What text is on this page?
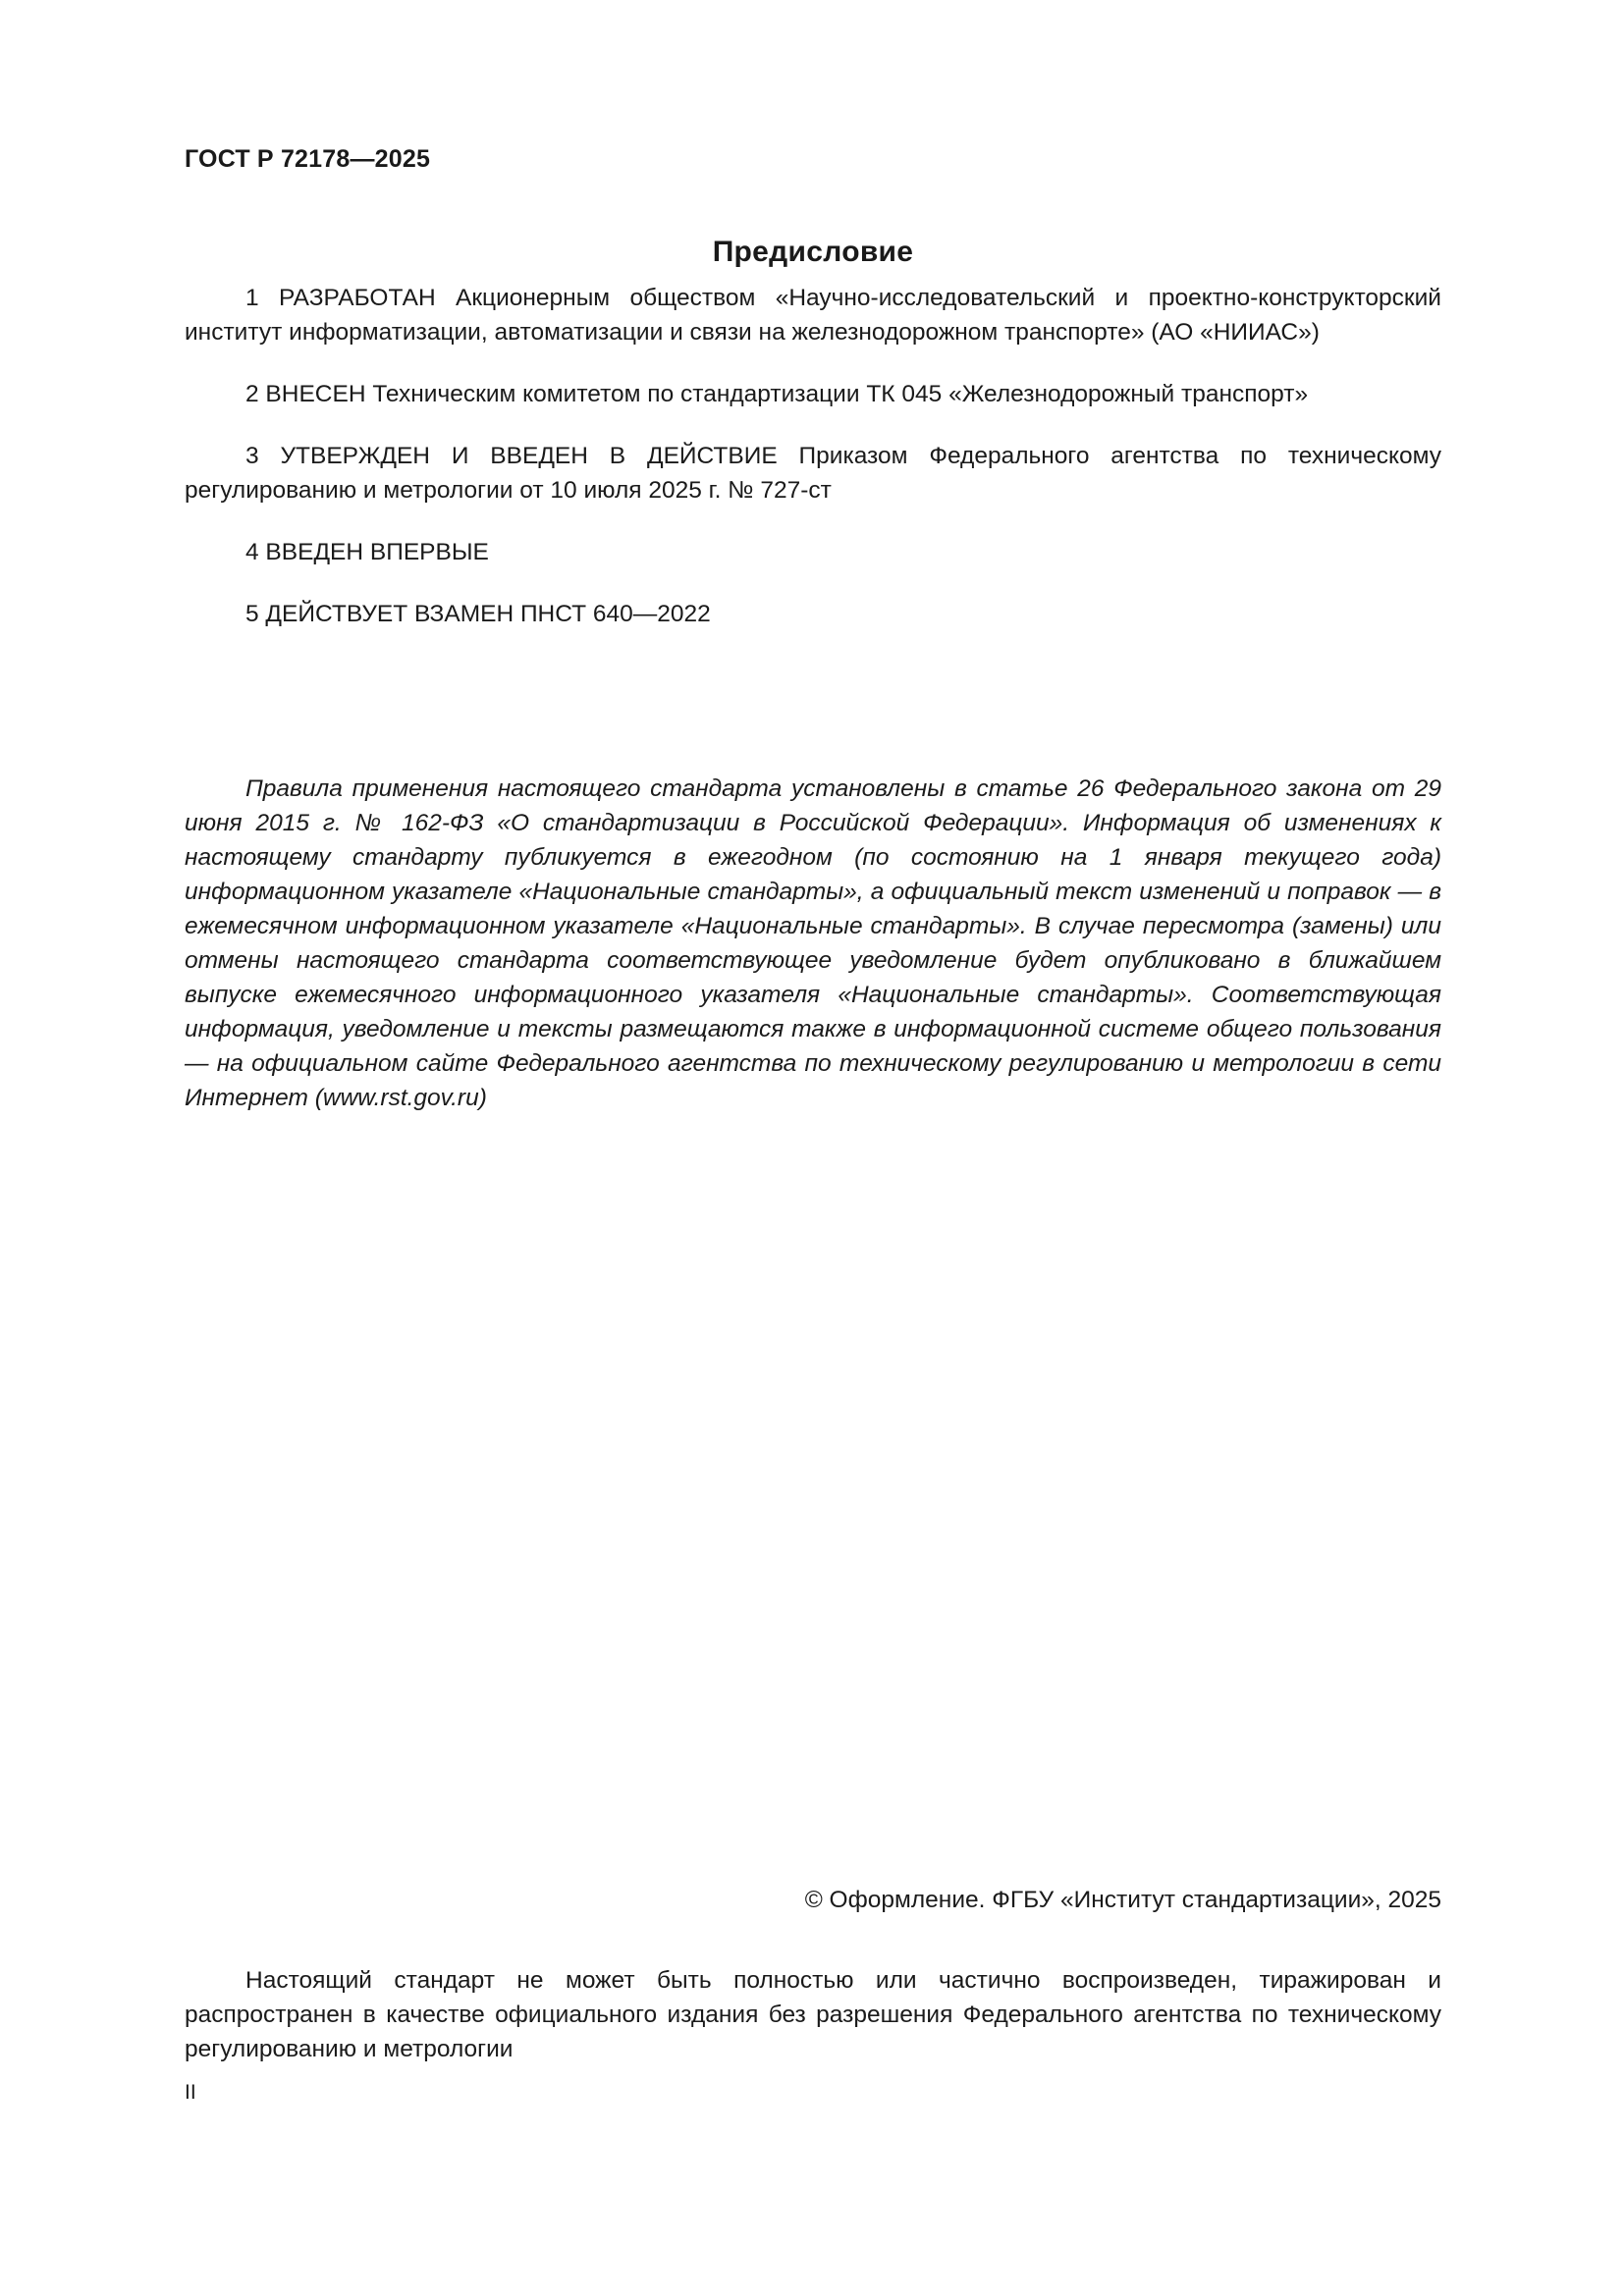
ГОСТ Р 72178—2025
Предисловие

1 РАЗРАБОТАН Акционерным обществом «Научно-исследовательский и проектно-конструкторский институт информатизации, автоматизации и связи на железнодорожном транспорте» (АО «НИИАС»)

2 ВНЕСЕН Техническим комитетом по стандартизации ТК 045 «Железнодорожный транспорт»

3 УТВЕРЖДЕН И ВВЕДЕН В ДЕЙСТВИЕ Приказом Федерального агентства по техническому регулированию и метрологии от 10 июля 2025 г. № 727-ст

4 ВВЕДЕН ВПЕРВЫЕ

5 ДЕЙСТВУЕТ ВЗАМЕН ПНСТ 640—2022

Правила применения настоящего стандарта установлены в статье 26 Федерального закона от 29 июня 2015 г. № 162-ФЗ «О стандартизации в Российской Федерации». Информация об изменениях к настоящему стандарту публикуется в ежегодном (по состоянию на 1 января текущего года) информационном указателе «Национальные стандарты», а официальный текст изменений и поправок — в ежемесячном информационном указателе «Национальные стандарты». В случае пересмотра (замены) или отмены настоящего стандарта соответствующее уведомление будет опубликовано в ближайшем выпуске ежемесячного информационного указателя «Национальные стандарты». Соответствующая информация, уведомление и тексты размещаются также в информационной системе общего пользования — на официальном сайте Федерального агентства по техническому регулированию и метрологии в сети Интернет (www.rst.gov.ru)

© Оформление. ФГБУ «Институт стандартизации», 2025

Настоящий стандарт не может быть полностью или частично воспроизведен, тиражирован и распространен в качестве официального издания без разрешения Федерального агентства по техническому регулированию и метрологии

II
